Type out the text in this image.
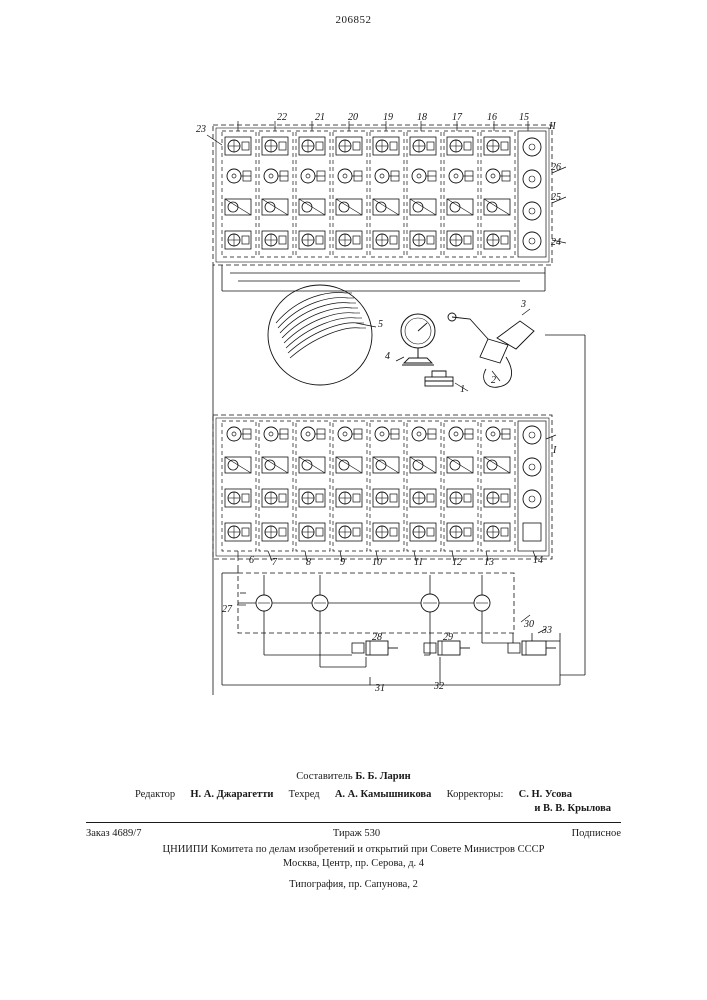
206852
22	21 20	19 18	17	16 15
23
26
25
24
II
5
4
1
2
3
6 7	8	9	10	11	12 13	14
I
27
28	29
30
31	32
33
Составитель Б. Б. Ларин
Редактор Н. А. Джарагетти Техред А. А. Камышникова Корректоры: С. Н. Усова
и В. В. Крылова
Заказ 4689/7	Тираж 530	Подписное
ЦНИИПИ Комитета по делам изобретений и открытий при Совете Министров СССР
Москва, Центр, пр. Серова, д. 4
Типография, пр. Сапунова, 2
